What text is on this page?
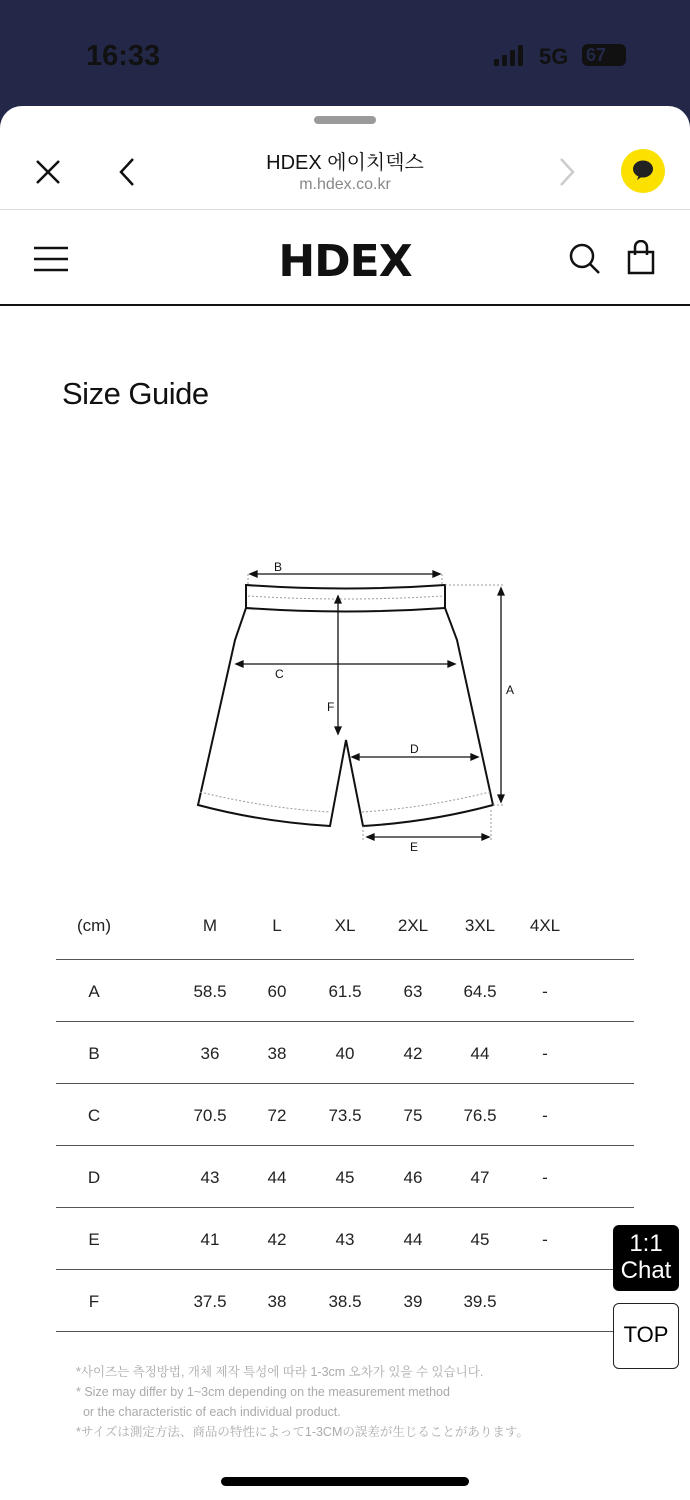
16:33	5G 67
HDEX 에이치덱스
m.hdex.co.kr
HDEX
Size Guide
A
B
C
D
E
F
(cm)	M	L	XL 2XL 3XL 4XL
A	58.5 60 61.5 63 64.5	-
B	36	38	40	42	44	-
C	70.5 72 73.5 75 76.5	-
D	43	44	45	46	47	-
E	41	42	43	44	45	-
F	37.5 38 38.5 39 39.5
*사이즈는 측정방법, 개체 제작 특성에 따라 1-3cm 오차가 있을 수 있습니다.
* Size may differ by 1~3cm depending on the measurement method
or the characteristic of each individual product.
*サイズは測定方法、商品の特性によって1-3CMの誤差が生じることがあります。
1:1
Chat
TOP
